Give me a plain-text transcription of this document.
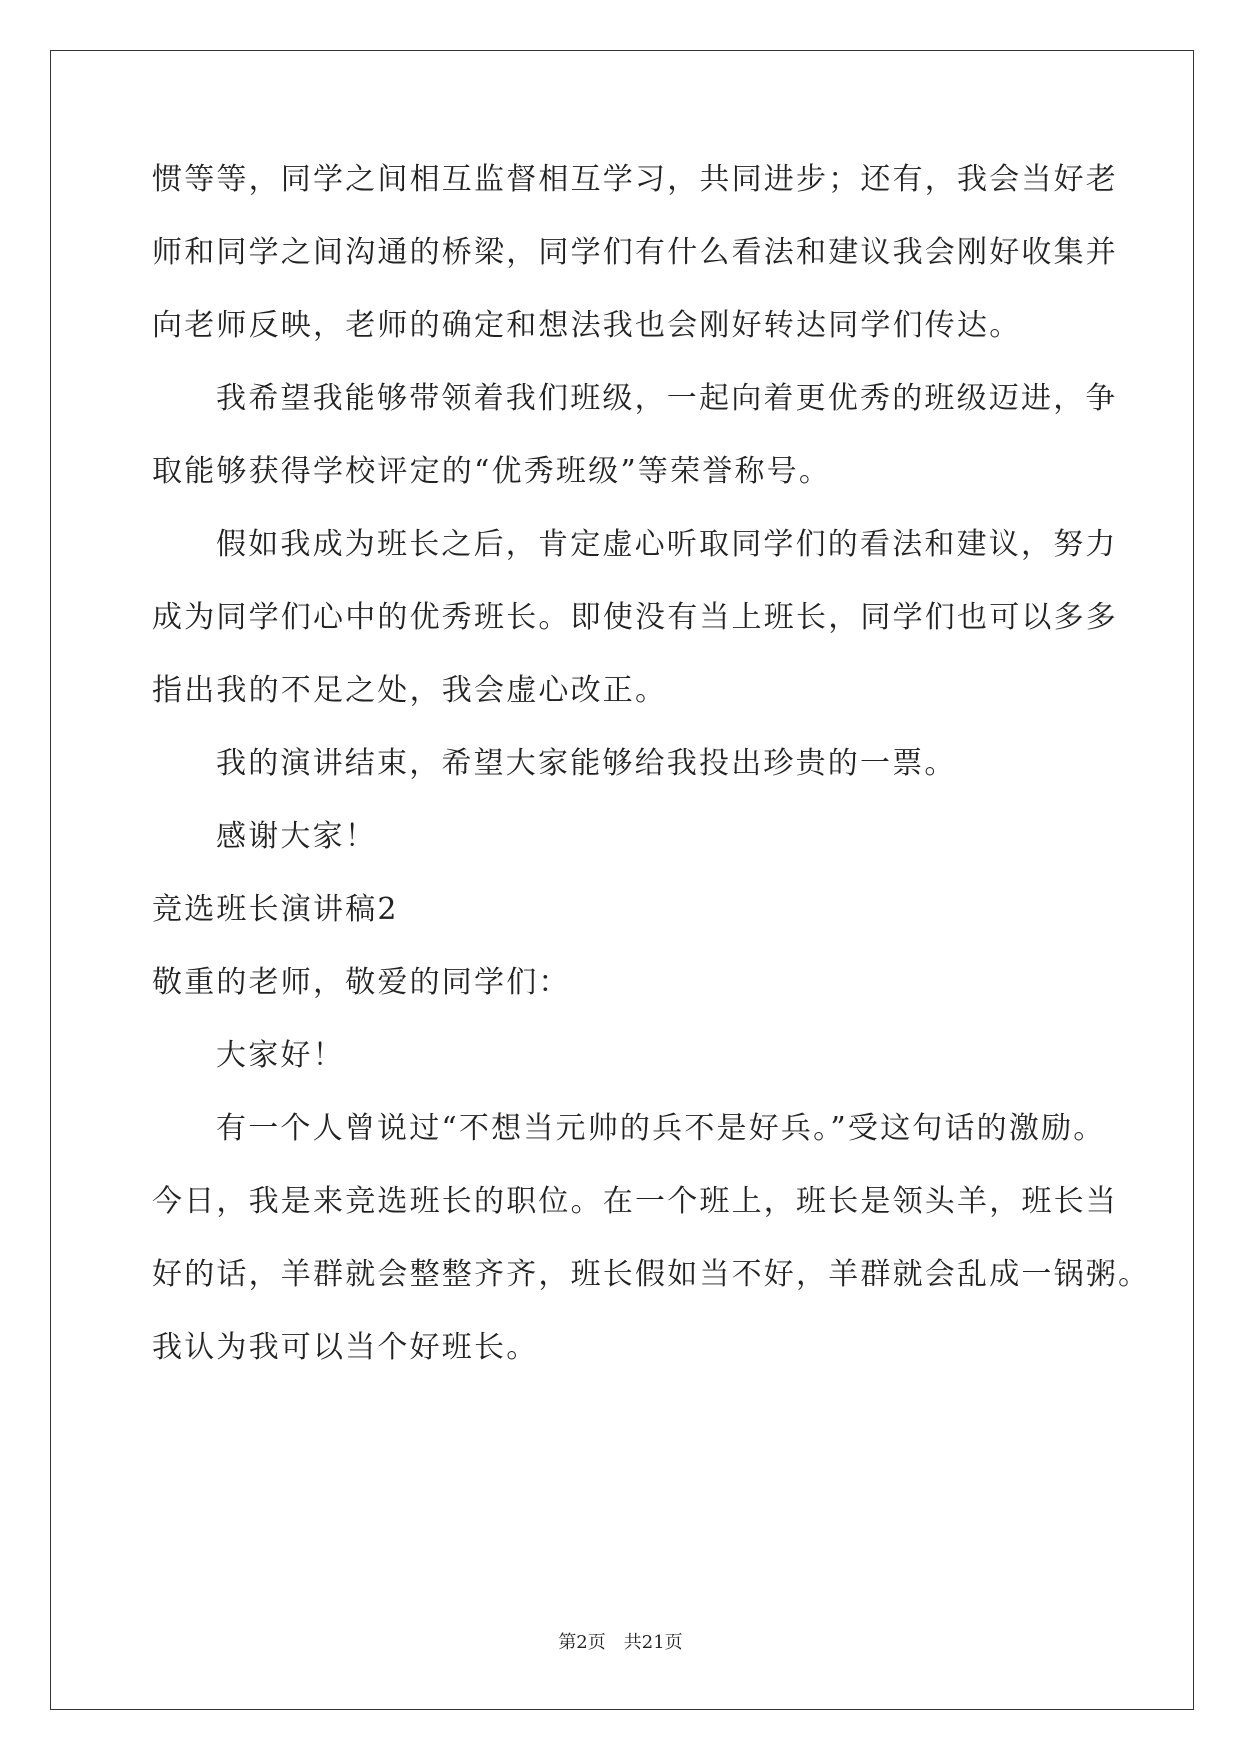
惯等等，同学之间相互监督相互学习，共同进步；还有，我会当好老
师和同学之间沟通的桥梁，同学们有什么看法和建议我会刚好收集并
向老师反映，老师的确定和想法我也会刚好转达同学们传达。
我希望我能够带领着我们班级，一起向着更优秀的班级迈进，争
取能够获得学校评定的“优秀班级”等荣誉称号。
假如我成为班长之后，肯定虚心听取同学们的看法和建议，努力
成为同学们心中的优秀班长。即使没有当上班长，同学们也可以多多
指出我的不足之处，我会虚心改正。
我的演讲结束，希望大家能够给我投出珍贵的一票。
感谢大家！
竞选班长演讲稿2
敬重的老师，敬爱的同学们：
大家好！
有一个人曾说过“不想当元帅的兵不是好兵。”受这句话的激励。
今日，我是来竞选班长的职位。在一个班上，班长是领头羊，班长当
好的话，羊群就会整整齐齐，班长假如当不好，羊群就会乱成一锅粥。
我认为我可以当个好班长。
第2页 共21页
